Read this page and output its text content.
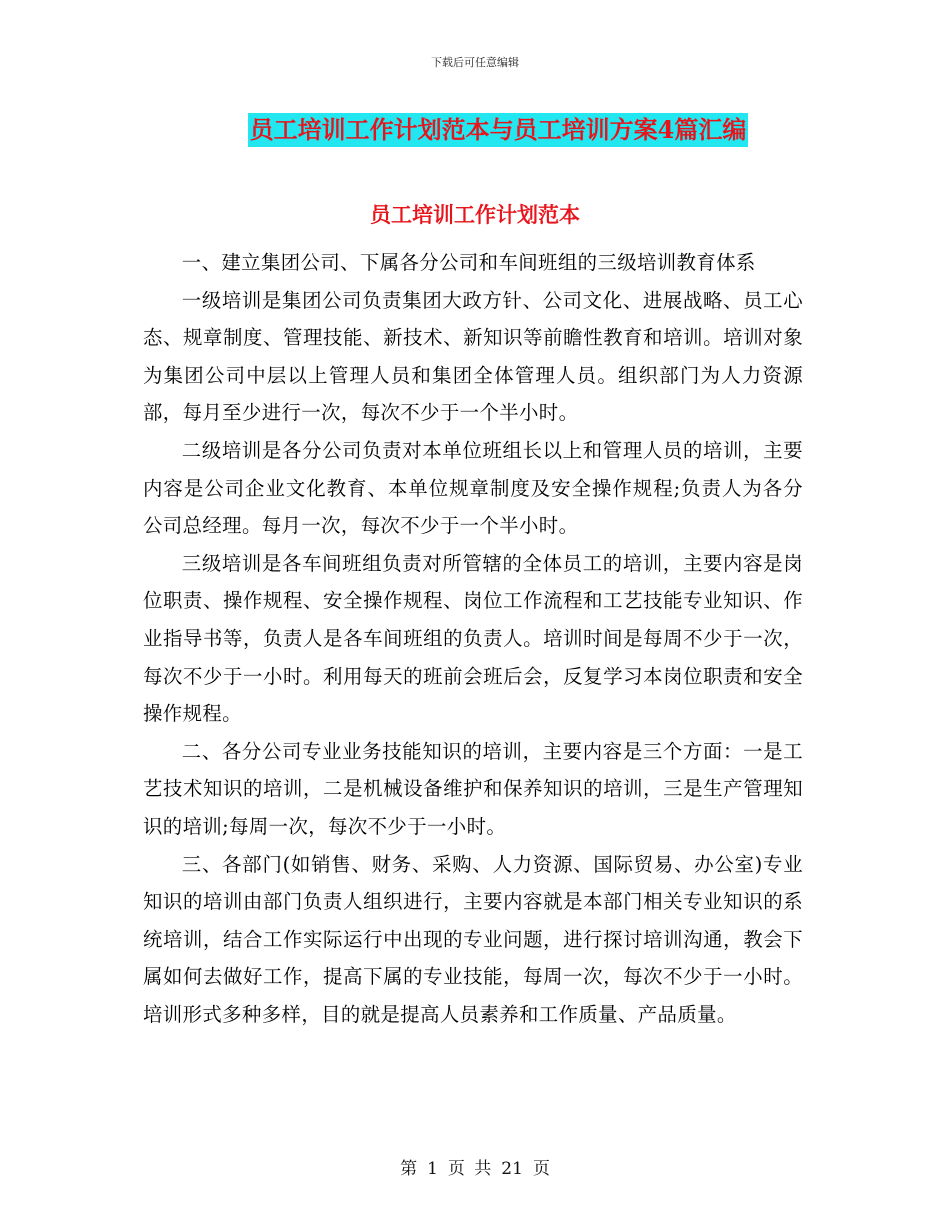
下载后可任意编辑
员工培训工作计划范本与员工培训方案4篇汇编
员工培训工作计划范本

一、建立集团公司、下属各分公司和车间班组的三级培训教育体系

一级培训是集团公司负责集团大政方针、公司文化、进展战略、员工心态、规章制度、管理技能、新技术、新知识等前瞻性教育和培训。培训对象为集团公司中层以上管理人员和集团全体管理人员。组织部门为人力资源部，每月至少进行一次，每次不少于一个半小时。

二级培训是各分公司负责对本单位班组长以上和管理人员的培训，主要内容是公司企业文化教育、本单位规章制度及安全操作规程;负责人为各分公司总经理。每月一次，每次不少于一个半小时。

三级培训是各车间班组负责对所管辖的全体员工的培训，主要内容是岗位职责、操作规程、安全操作规程、岗位工作流程和工艺技能专业知识、作业指导书等，负责人是各车间班组的负责人。培训时间是每周不少于一次，每次不少于一小时。利用每天的班前会班后会，反复学习本岗位职责和安全操作规程。

二、各分公司专业业务技能知识的培训，主要内容是三个方面：一是工艺技术知识的培训，二是机械设备维护和保养知识的培训，三是生产管理知识的培训;每周一次，每次不少于一小时。

三、各部门(如销售、财务、采购、人力资源、国际贸易、办公室)专业知识的培训由部门负责人组织进行，主要内容就是本部门相关专业知识的系统培训，结合工作实际运行中出现的专业问题，进行探讨培训沟通，教会下属如何去做好工作，提高下属的专业技能，每周一次，每次不少于一小时。培训形式多种多样，目的就是提高人员素养和工作质量、产品质量。

第 1 页 共 21 页
